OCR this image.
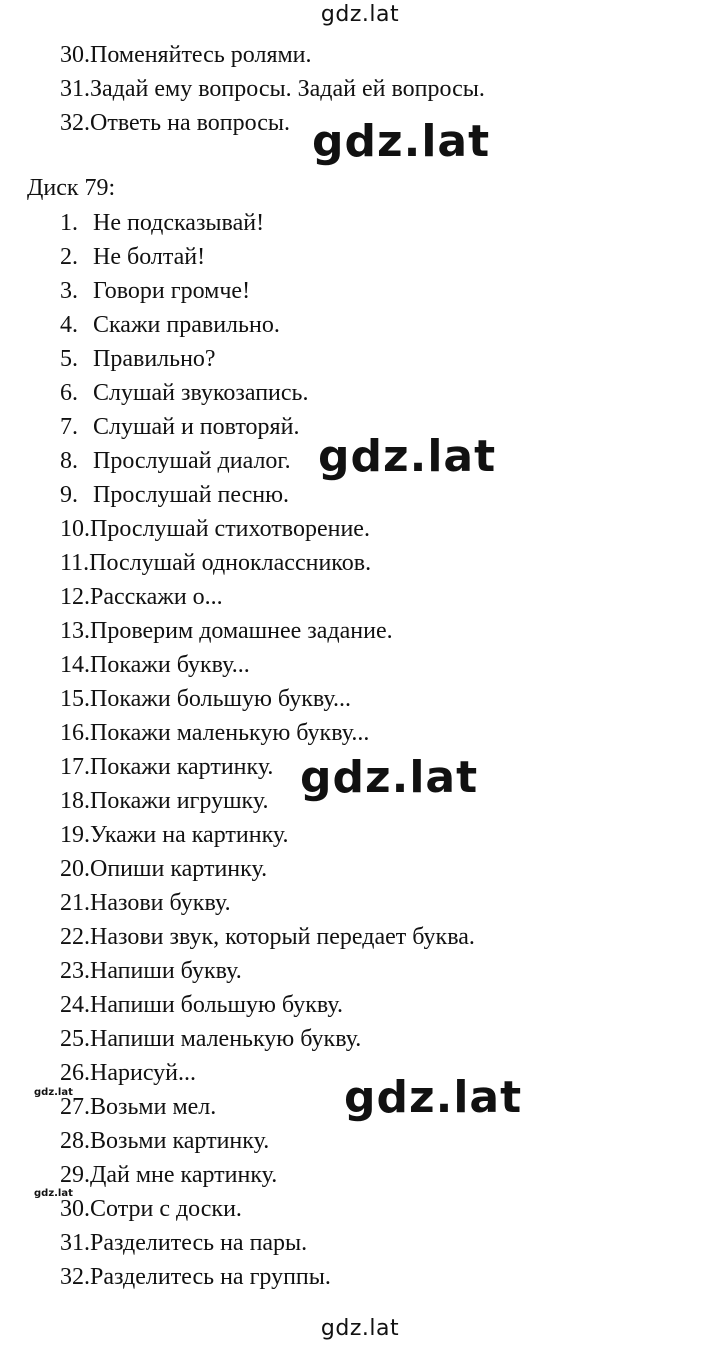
gdz.lat
gdz.lat
gdz.lat
gdz.lat
gdz.lat
gdz.lat
gdz.lat
gdz.lat
30.Поменяйтесь ролями.
31.Задай ему вопросы. Задай ей вопросы.
32.Ответь на вопросы.
Диск 79:
1. Не подсказывай!
2. Не болтай!
3. Говори громче!
4. Скажи правильно.
5. Правильно?
6. Слушай звукозапись.
7. Слушай и повторяй.
8. Прослушай диалог.
9. Прослушай песню.
10.Прослушай стихотворение.
11.Послушай одноклассников.
12.Расскажи о...
13.Проверим домашнее задание.
14.Покажи букву...
15.Покажи большую букву...
16.Покажи маленькую букву...
17.Покажи картинку.
18.Покажи игрушку.
19.Укажи на картинку.
20.Опиши картинку.
21.Назови букву.
22.Назови звук, который передает буква.
23.Напиши букву.
24.Напиши большую букву.
25.Напиши маленькую букву.
26.Нарисуй...
27.Возьми мел.
28.Возьми картинку.
29.Дай мне картинку.
30.Сотри с доски.
31.Разделитесь на пары.
32.Разделитесь на группы.
